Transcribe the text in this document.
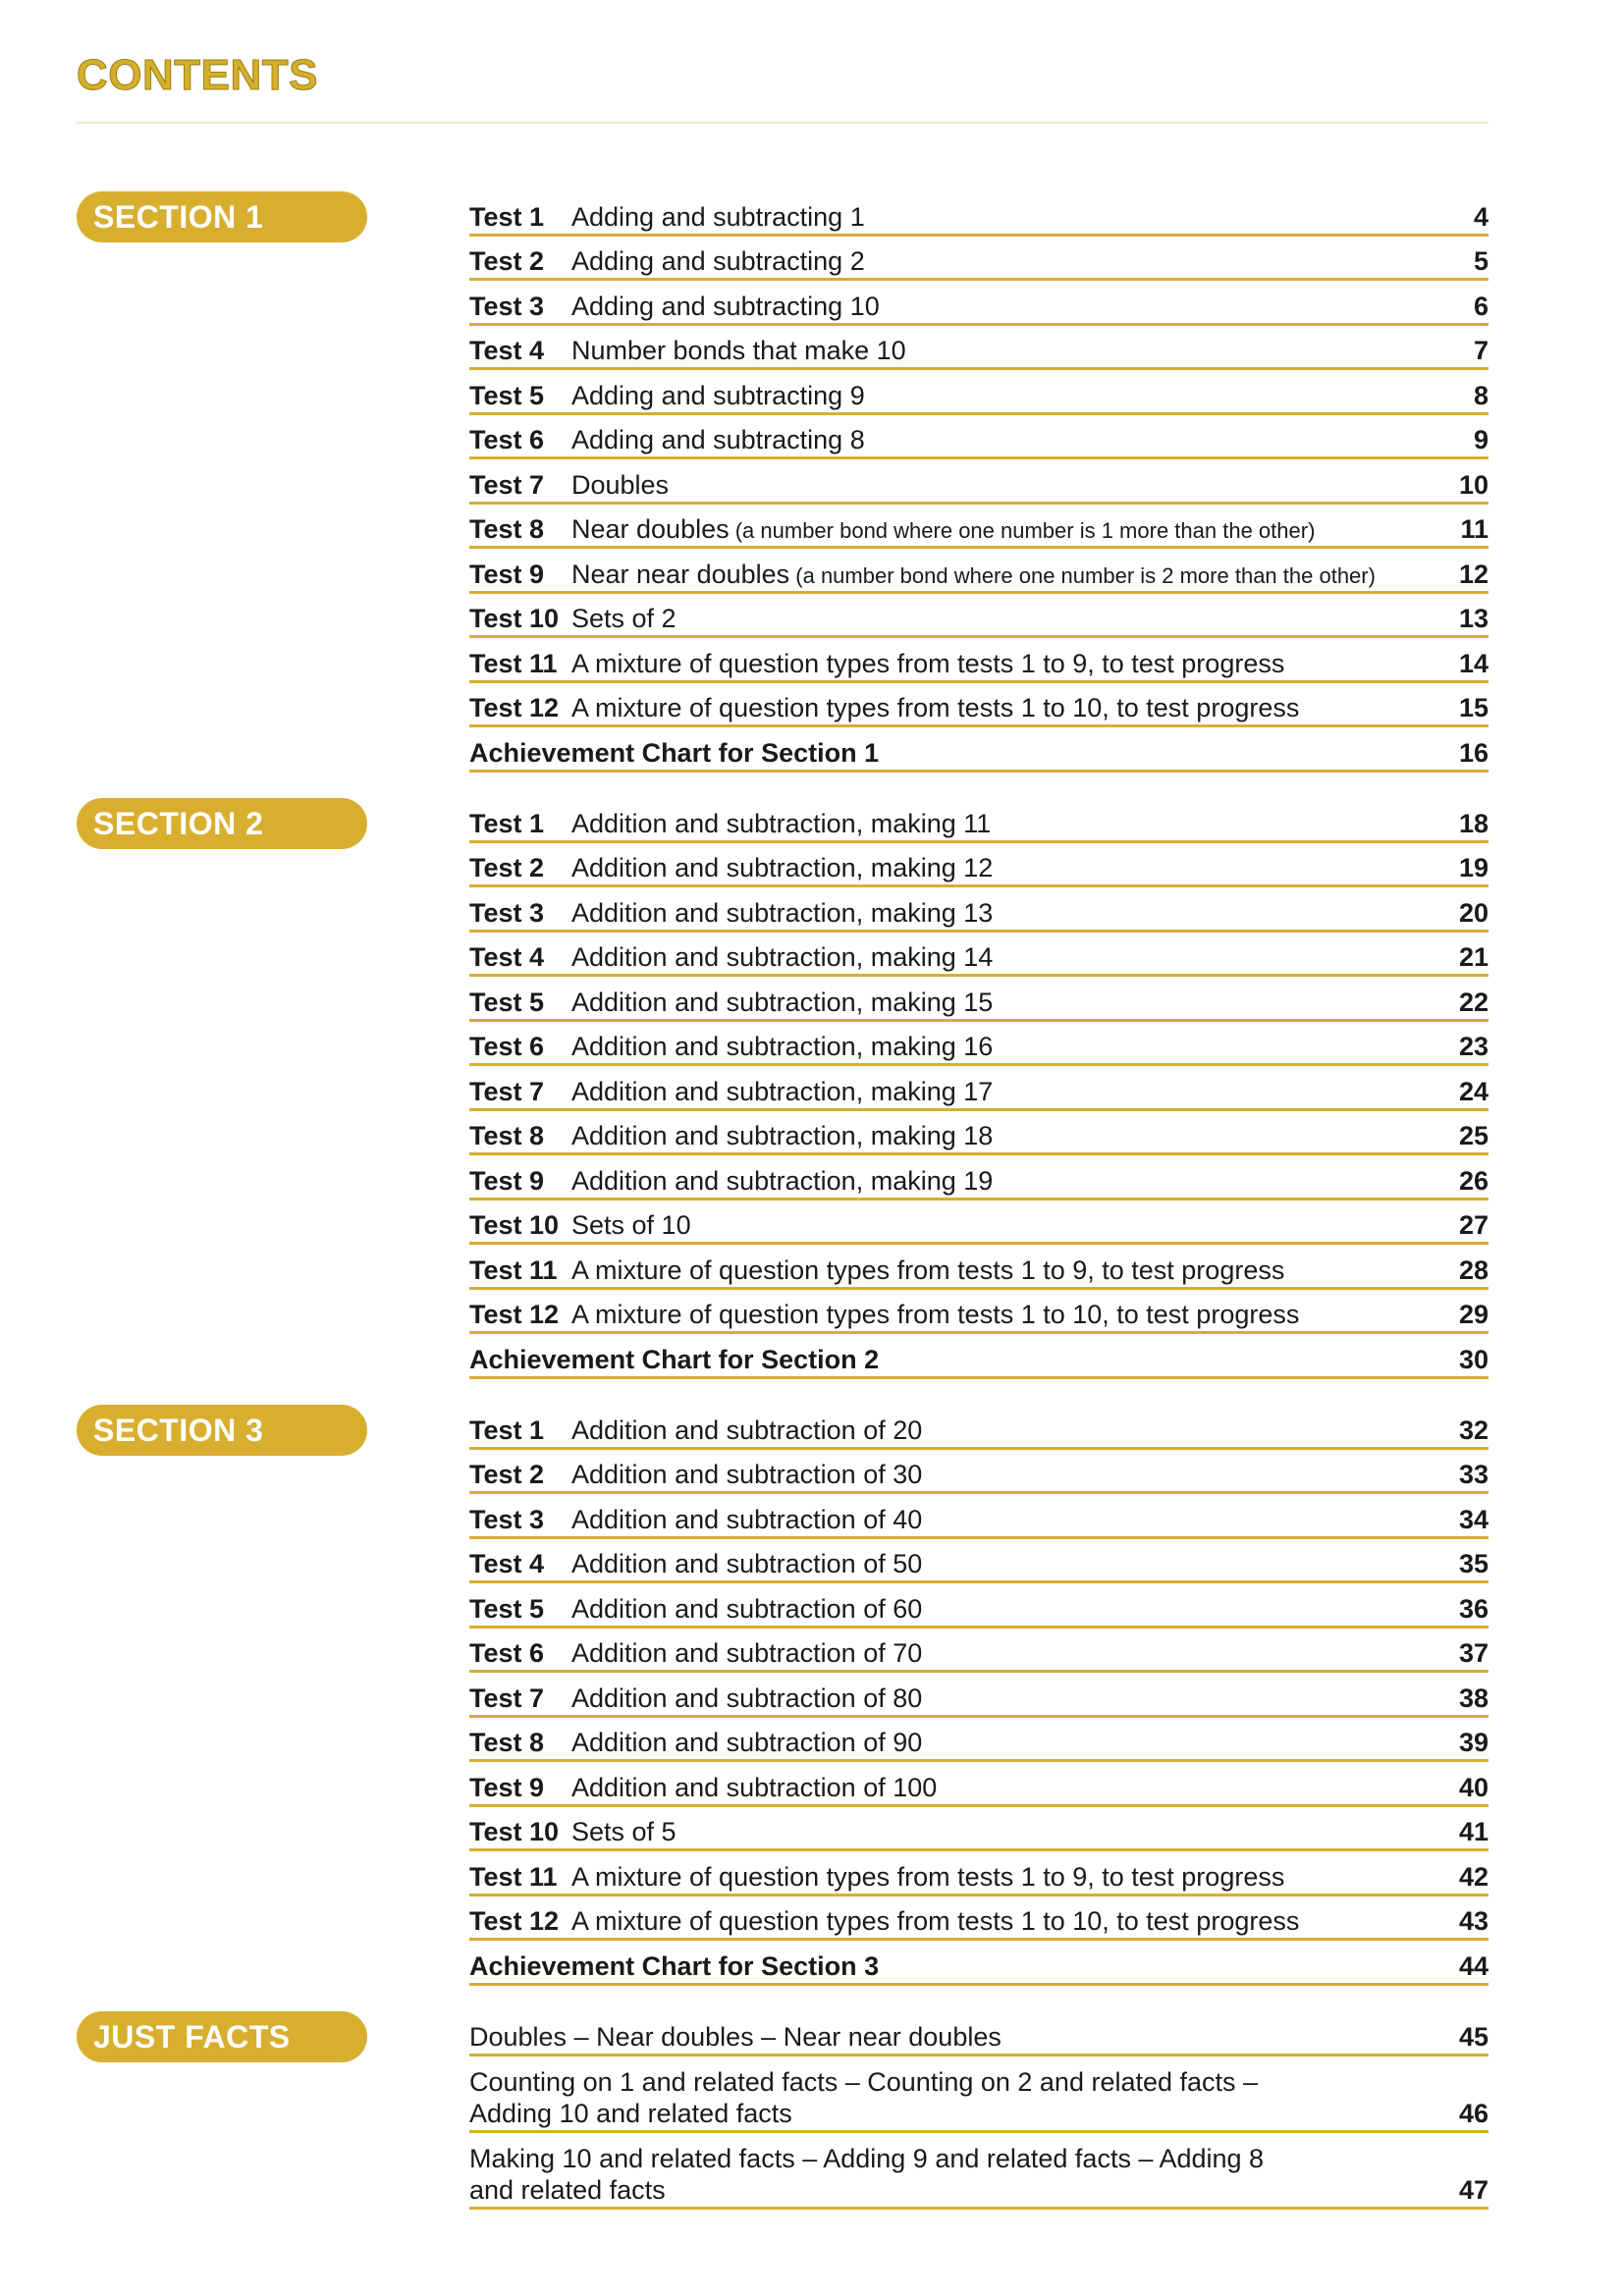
CONTENTS
SECTION 1	Test 1	Adding and subtracting 1	4
Test 2	Adding and subtracting 2	5
Test 3	Adding and subtracting 10	6
Test 4	Number bonds that make 10	7
Test 5	Adding and subtracting 9	8
Test 6	Adding and subtracting 8	9
Test 7	Doubles	10
Test 8	Near doubles (a number bond where one number is 1 more than the other)	11
Test 9	Near near doubles (a number bond where one number is 2 more than the other)	12
Test 10 Sets of 2	13
Test 11 A mixture of question types from tests 1 to 9, to test progress	14
Test 12 A mixture of question types from tests 1 to 10, to test progress	15
Achievement Chart for Section 1	16
SECTION 2	Test 1	Addition and subtraction, making 11	18
Test 2	Addition and subtraction, making 12	19
Test 3	Addition and subtraction, making 13	20
Test 4	Addition and subtraction, making 14	21
Test 5	Addition and subtraction, making 15	22
Test 6	Addition and subtraction, making 16	23
Test 7	Addition and subtraction, making 17	24
Test 8	Addition and subtraction, making 18	25
Test 9	Addition and subtraction, making 19	26
Test 10 Sets of 10	27
Test 11 A mixture of question types from tests 1 to 9, to test progress	28
Test 12 A mixture of question types from tests 1 to 10, to test progress	29
Achievement Chart for Section 2	30
SECTION 3	Test 1	Addition and subtraction of 20	32
Test 2	Addition and subtraction of 30	33
Test 3	Addition and subtraction of 40	34
Test 4	Addition and subtraction of 50	35
Test 5	Addition and subtraction of 60	36
Test 6	Addition and subtraction of 70	37
Test 7	Addition and subtraction of 80	38
Test 8	Addition and subtraction of 90	39
Test 9	Addition and subtraction of 100	40
Test 10 Sets of 5	41
Test 11 A mixture of question types from tests 1 to 9, to test progress	42
Test 12 A mixture of question types from tests 1 to 10, to test progress	43
Achievement Chart for Section 3	44
JUST FACTS	Doubles – Near doubles – Near near doubles	45
Counting on 1 and related facts – Counting on 2 and related facts – Adding 10 and related facts	46
Making 10 and related facts – Adding 9 and related facts – Adding 8 and related facts	47
